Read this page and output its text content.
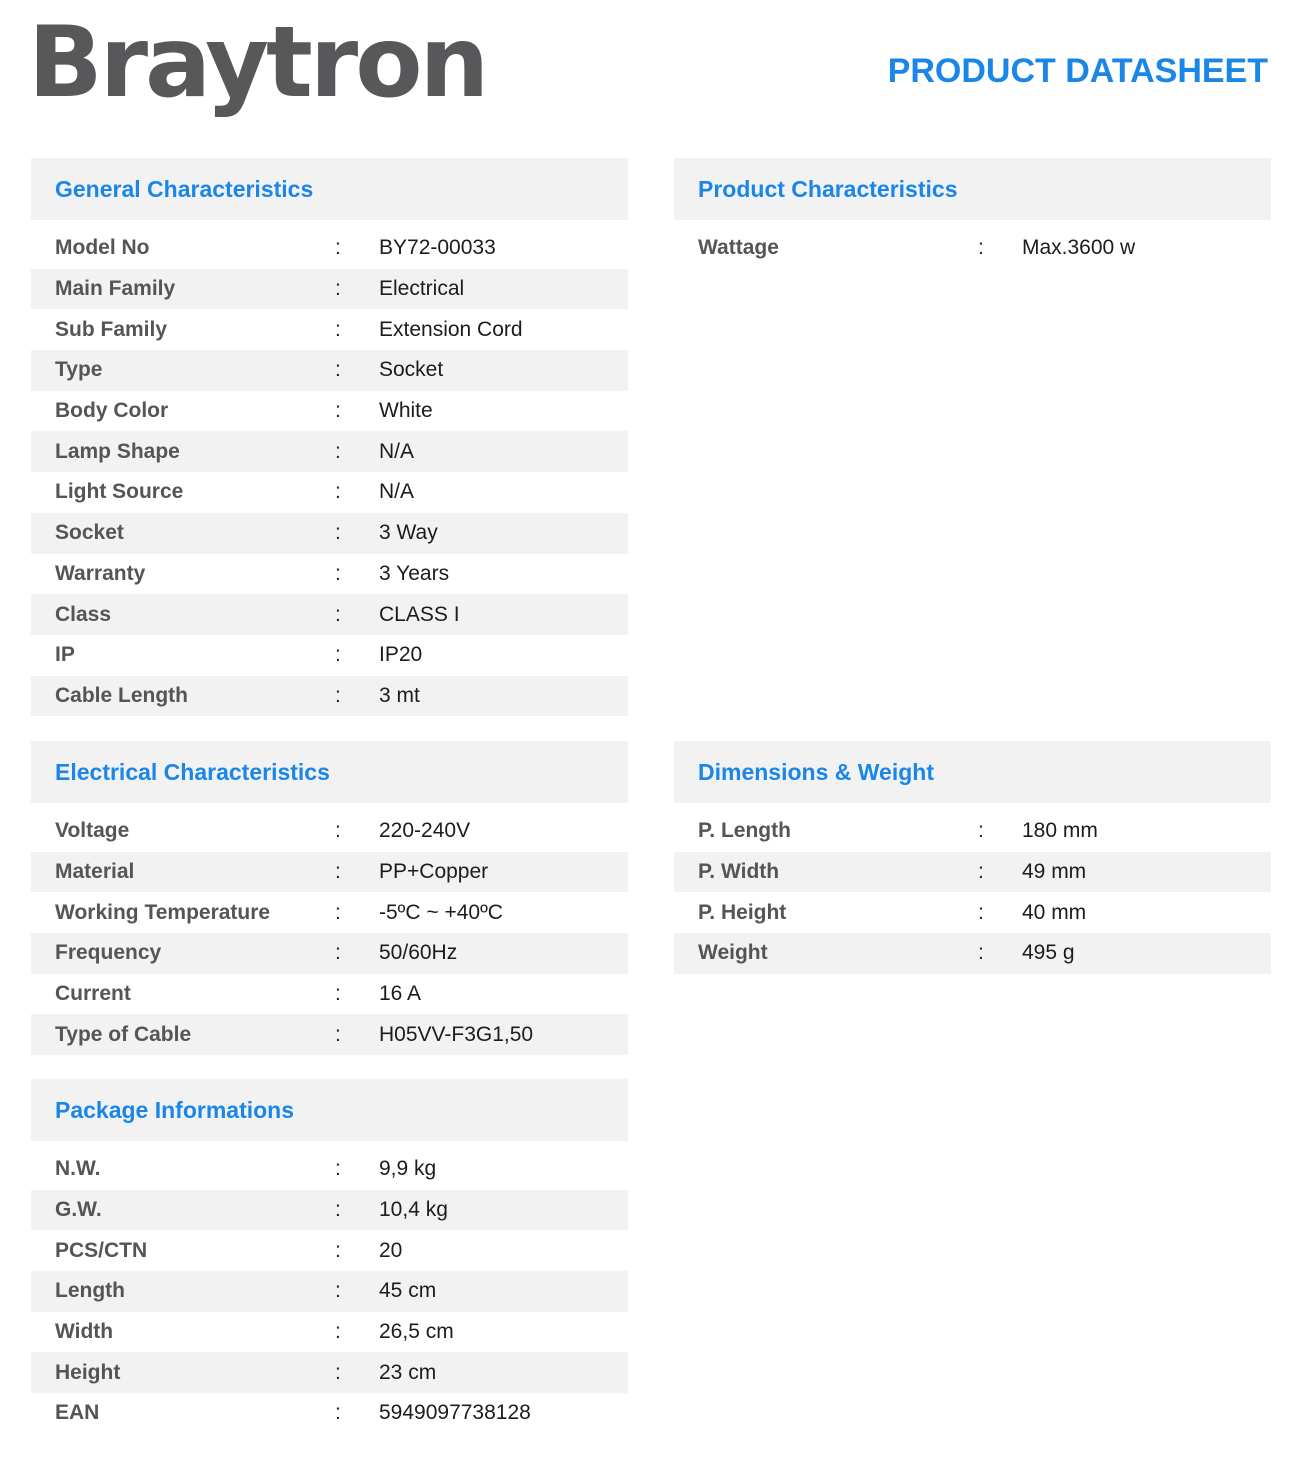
Braytron	PRODUCT DATASHEET
General Characteristics
Model No	:	BY72-00033
Main Family	:	Electrical
Sub Family	:	Extension Cord
Type	:	Socket
Body Color	:	White
Lamp Shape	:	N/A
Light Source	:	N/A
Socket	:	3 Way
Warranty	:	3 Years
Class	:	CLASS I
IP	:	IP20
Cable Length	:	3 mt
Product Characteristics
Wattage	:	Max.3600 w
Electrical Characteristics
Voltage	:	220-240V
Material	:	PP+Copper
Working Temperature	:	-5ºC ~ +40ºC
Frequency	:	50/60Hz
Current	:	16 A
Type of Cable	:	H05VV-F3G1,50
Dimensions & Weight
P. Length	:	180 mm
P. Width	:	49 mm
P. Height	:	40 mm
Weight	:	495 g
Package Informations
N.W.	:	9,9 kg
G.W.	:	10,4 kg
PCS/CTN	:	20
Length	:	45 cm
Width	:	26,5 cm
Height	:	23 cm
EAN	:	5949097738128
